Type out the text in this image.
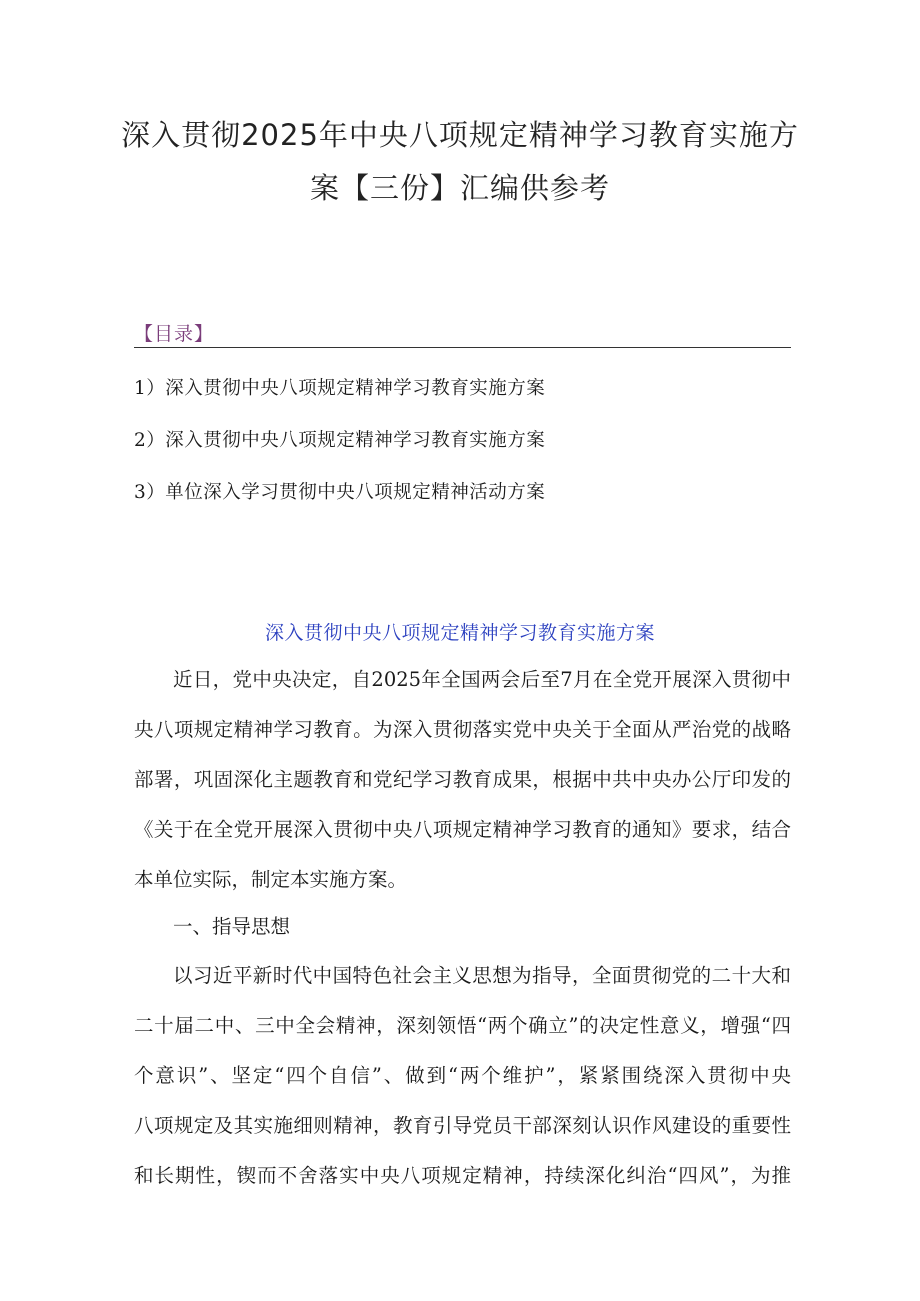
深入贯彻2025年中央八项规定精神学习教育实施方
案【三份】汇编供参考
【目录】
1）深入贯彻中央八项规定精神学习教育实施方案
2）深入贯彻中央八项规定精神学习教育实施方案
3）单位深入学习贯彻中央八项规定精神活动方案
深入贯彻中央八项规定精神学习教育实施方案
近日，党中央决定，自2025年全国两会后至7月在全党开展深入贯彻中
央八项规定精神学习教育。为深入贯彻落实党中央关于全面从严治党的战略
部署，巩固深化主题教育和党纪学习教育成果，根据中共中央办公厅印发的
《关于在全党开展深入贯彻中央八项规定精神学习教育的通知》要求，结合
本单位实际，制定本实施方案。
一、指导思想
以习近平新时代中国特色社会主义思想为指导，全面贯彻党的二十大和
二十届二中、三中全会精神，深刻领悟“两个确立”的决定性意义，增强“四
个意识”、坚定“四个自信”、做到“两个维护”，紧紧围绕深入贯彻中央
八项规定及其实施细则精神，教育引导党员干部深刻认识作风建设的重要性
和长期性，锲而不舍落实中央八项规定精神，持续深化纠治“四风”，为推
